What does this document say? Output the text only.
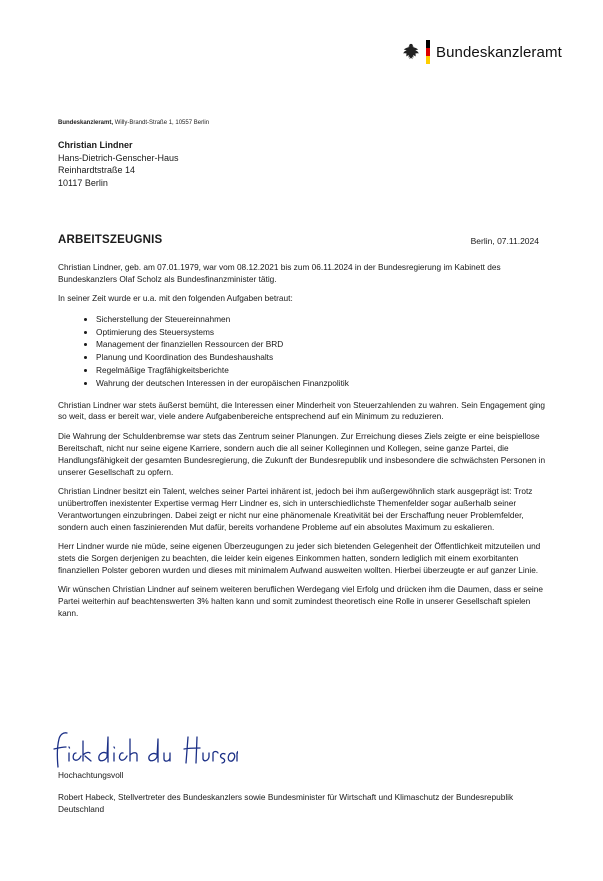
Bundeskanzleramt
Bundeskanzleramt, Willy-Brandt-Straße 1, 10557 Berlin
Christian Lindner
Hans-Dietrich-Genscher-Haus
Reinhardtstraße 14
10117 Berlin
ARBEITSZEUGNIS	Berlin, 07.11.2024

Christian Lindner, geb. am 07.01.1979, war vom 08.12.2021 bis zum 06.11.2024 in der Bundesregierung im Kabinett des Bundeskanzlers Olaf Scholz als Bundesfinanzminister tätig.

In seiner Zeit wurde er u.a. mit den folgenden Aufgaben betraut:

• Sicherstellung der Steuereinnahmen
• Optimierung des Steuersystems
• Management der finanziellen Ressourcen der BRD
• Planung und Koordination des Bundeshaushalts
• Regelmäßige Tragfähigkeitsberichte
• Wahrung der deutschen Interessen in der europäischen Finanzpolitik

Christian Lindner war stets äußerst bemüht, die Interessen einer Minderheit von Steuerzahlenden zu wahren. Sein Engagement ging so weit, dass er bereit war, viele andere Aufgabenbereiche entsprechend auf ein Minimum zu reduzieren.

Die Wahrung der Schuldenbremse war stets das Zentrum seiner Planungen. Zur Erreichung dieses Ziels zeigte er eine beispiellose Bereitschaft, nicht nur seine eigene Karriere, sondern auch die all seiner Kolleginnen und Kollegen, seine ganze Partei, die Handlungsfähigkeit der gesamten Bundesregierung, die Zukunft der Bundesrepublik und insbesondere die schwächsten Personen in unserer Gesellschaft zu opfern.

Christian Lindner besitzt ein Talent, welches seiner Partei inhärent ist, jedoch bei ihm außergewöhnlich stark ausgeprägt ist: Trotz unübertroffen inexistenter Expertise vermag Herr Lindner es, sich in unterschiedlichste Themenfelder sogar außerhalb seiner Verantwortungen einzubringen. Dabei zeigt er nicht nur eine phänomenale Kreativität bei der Erschaffung neuer Problemfelder, sondern auch einen faszinierenden Mut dafür, bereits vorhandene Probleme auf ein absolutes Maximum zu eskalieren.

Herr Lindner wurde nie müde, seine eigenen Überzeugungen zu jeder sich bietenden Gelegenheit der Öffentlichkeit mitzuteilen und stets die Sorgen derjenigen zu beachten, die leider kein eigenes Einkommen hatten, sondern lediglich mit einem exorbitanten finanziellen Polster geboren wurden und dieses mit minimalem Aufwand ausweiten wollten. Hierbei überzeugte er auf ganzer Linie.

Wir wünschen Christian Lindner auf seinem weiteren beruflichen Werdegang viel Erfolg und drücken ihm die Daumen, dass er seine Partei weiterhin auf beachtenswerten 3% halten kann und somit zumindest theoretisch eine Rolle in unserer Gesellschaft spielen kann.

Hochachtungsvoll
Robert Habeck, Stellvertreter des Bundeskanzlers sowie Bundesminister für Wirtschaft und Klimaschutz der Bundesrepublik Deutschland
